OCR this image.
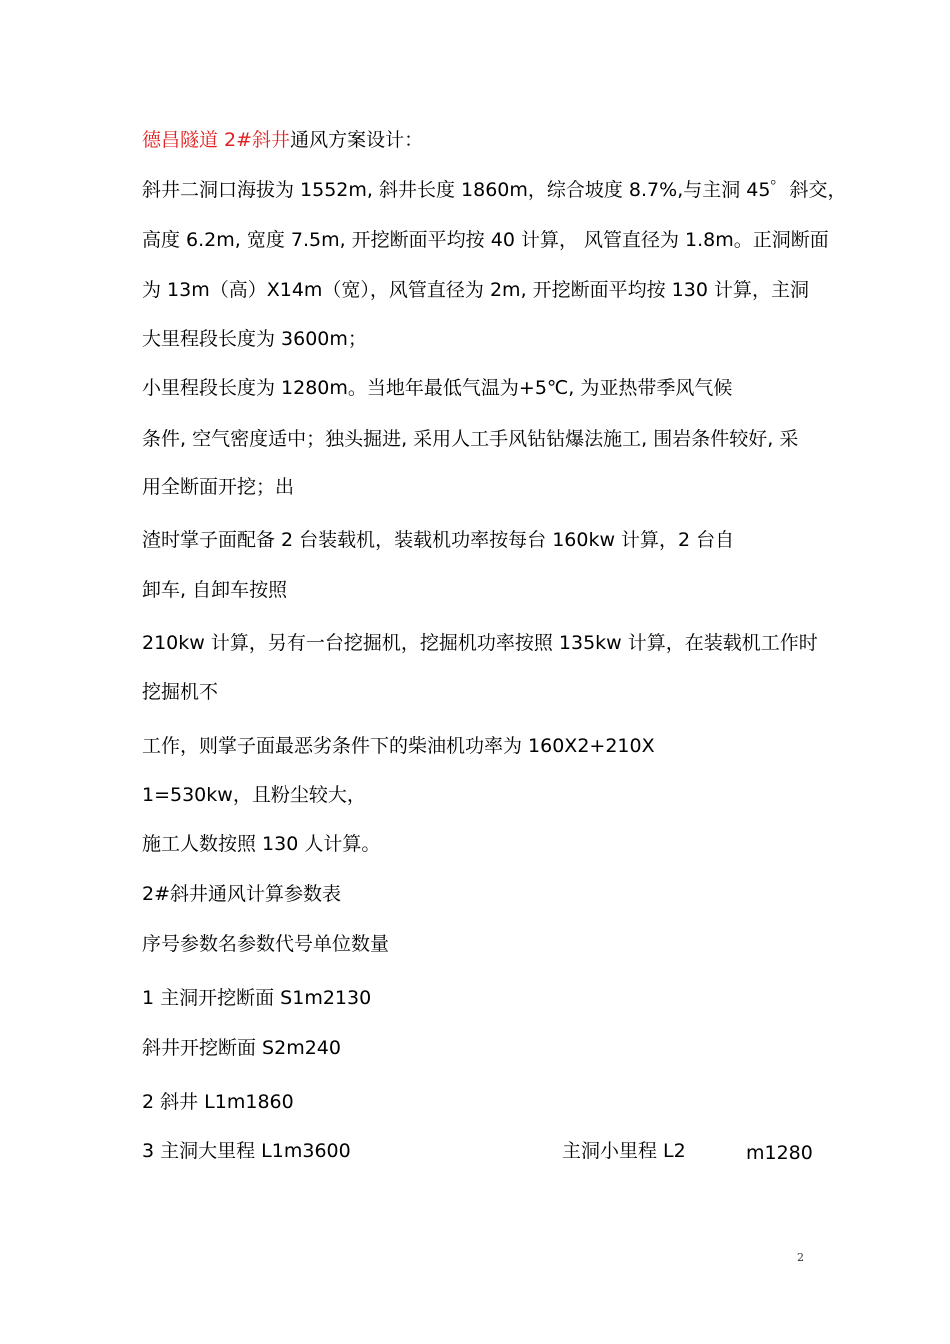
德昌隧道 2#斜井通风方案设计：
斜井二洞口海拔为 1552m, 斜井长度 1860m，综合坡度 8.7%,与主洞 45゜斜交，
高度 6.2m, 宽度 7.5m, 开挖断面平均按 40 计算， 风管直径为 1.8m。正洞断面
为 13m（高）X14m（宽），风管直径为 2m, 开挖断面平均按 130 计算，主洞
大里程段长度为 3600m；
小里程段长度为 1280m。当地年最低气温为+5℃, 为亚热带季风气候
条件, 空气密度适中；独头掘进, 采用人工手风钻钻爆法施工, 围岩条件较好, 采
用全断面开挖；出
渣时掌子面配备 2 台装载机，装载机功率按每台 160kw 计算，2 台自
卸车, 自卸车按照
210kw 计算，另有一台挖掘机，挖掘机功率按照 135kw 计算，在装载机工作时
挖掘机不
工作，则掌子面最恶劣条件下的柴油机功率为 160X2+210X
1=530kw，且粉尘较大，
施工人数按照 130 人计算。
2#斜井通风计算参数表
序号参数名参数代号单位数量
1 主洞开挖断面 S1m2130
斜井开挖断面 S2m240
2 斜井 L1m1860
3 主洞大里程 L1m3600	主洞小里程 L2	m1280
2
